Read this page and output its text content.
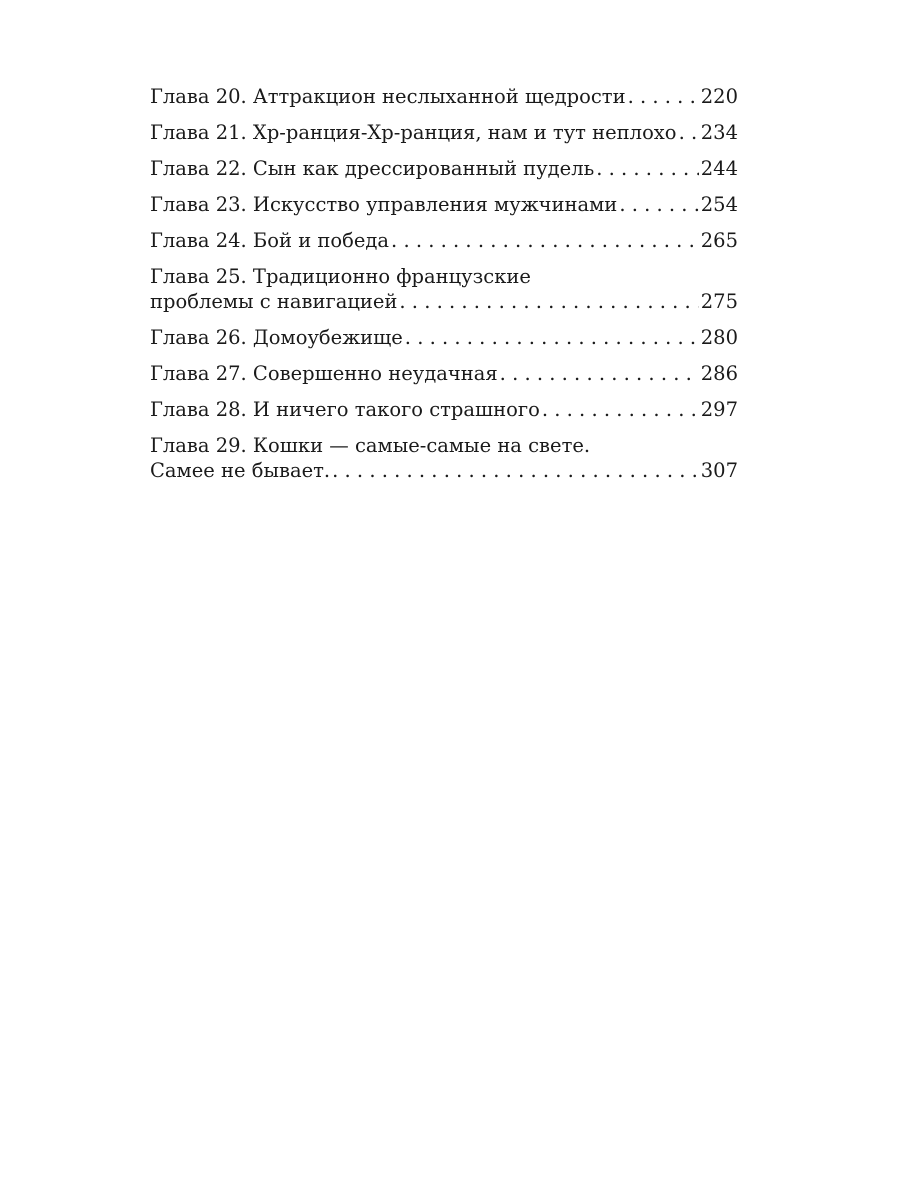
Глава 20. Аттракцион неслыханной щедрости . . .	220
Глава 21. Хр-ранция-Хр-ранция, нам и тут неплохо . . . 234
Глава 22. Сын как дрессированный пудель . . .	244
Глава 23. Искусство управления мужчинами . . .	254
Глава 24. Бой и победа . . .	265
Глава 25. Традиционно французские
проблемы с навигацией . . .	275
Глава 26. Домоубежище . . .	280
Глава 27. Совершенно неудачная . . .	286
Глава 28. И ничего такого страшного . . .	297
Глава 29. Кошки — самые-самые на свете.
Самее не бывает. . . .	307
